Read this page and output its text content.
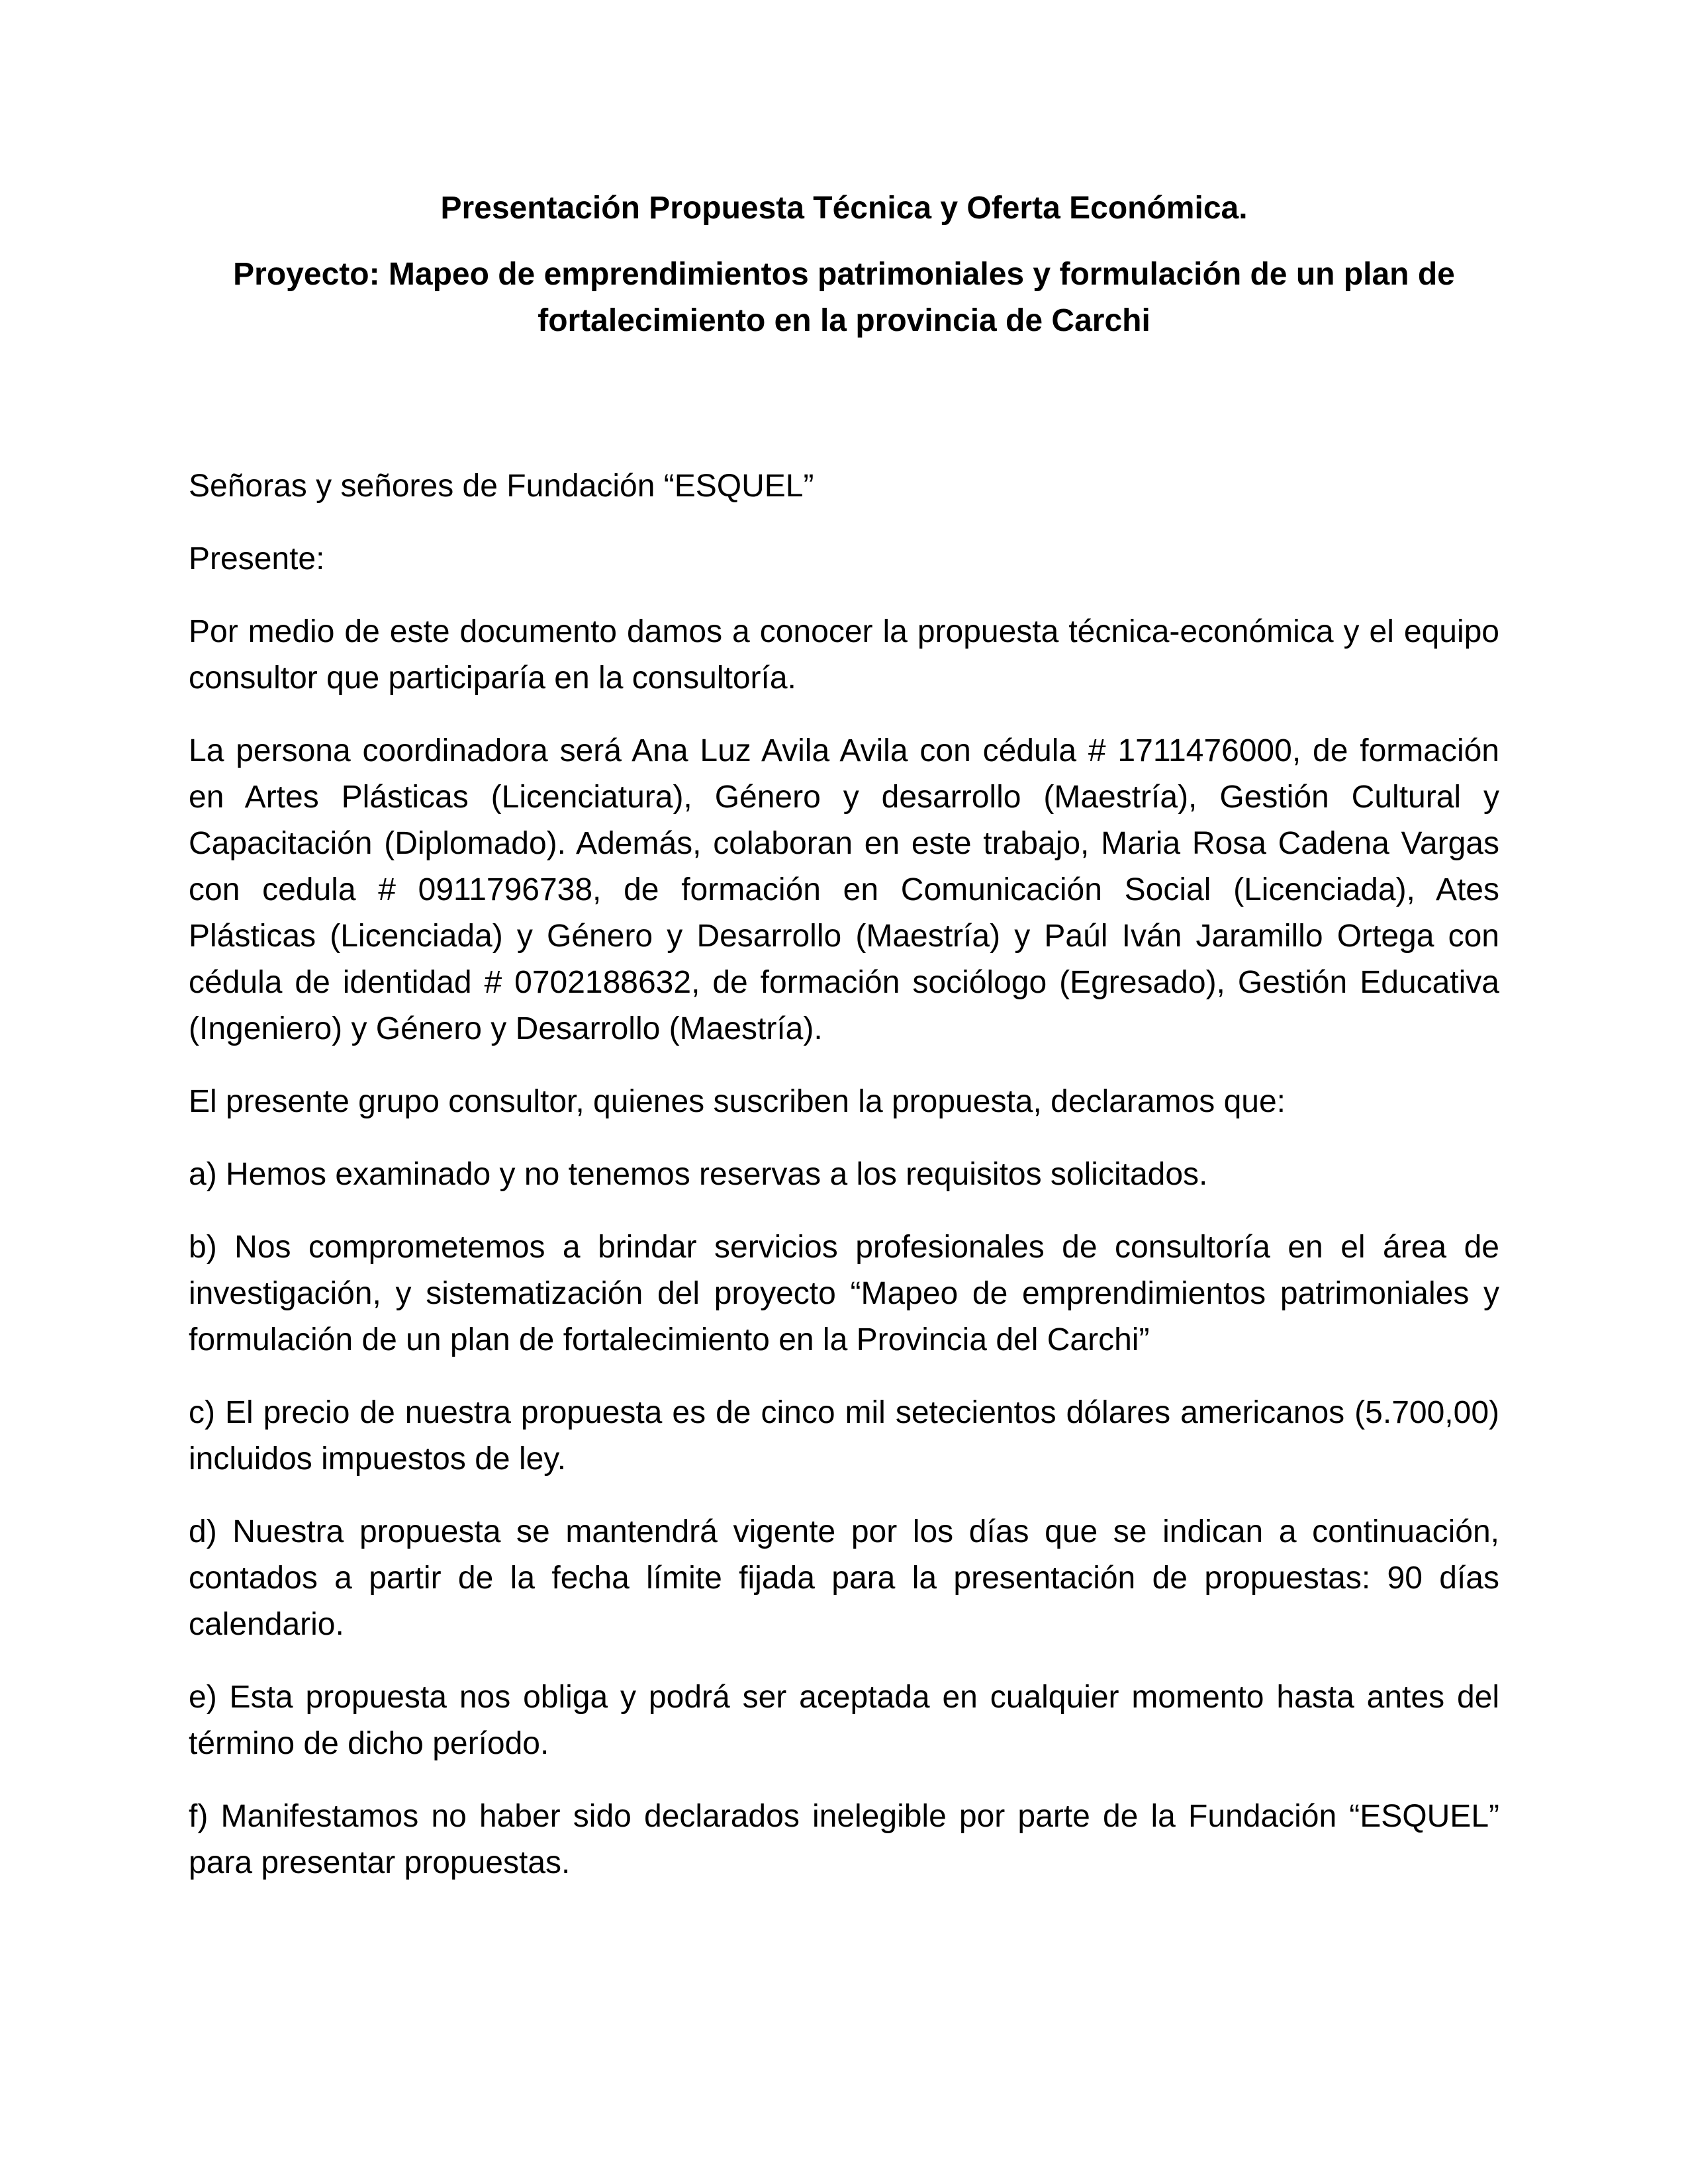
Presentación Propuesta Técnica y Oferta Económica.
Proyecto: Mapeo de emprendimientos patrimoniales y formulación de un plan de fortalecimiento en la provincia de Carchi

Señoras y señores de Fundación “ESQUEL”

Presente:

Por medio de este documento damos a conocer la propuesta técnica-económica y el equipo consultor que participaría en la consultoría.

La persona coordinadora será Ana Luz Avila Avila con cédula # 1711476000, de formación en Artes Plásticas (Licenciatura), Género y desarrollo (Maestría), Gestión Cultural y Capacitación (Diplomado). Además, colaboran en este trabajo, Maria Rosa Cadena Vargas con cedula # 0911796738, de formación en Comunicación Social (Licenciada), Ates Plásticas (Licenciada) y Género y Desarrollo (Maestría) y Paúl Iván Jaramillo Ortega con cédula de identidad # 0702188632, de formación sociólogo (Egresado), Gestión Educativa (Ingeniero) y Género y Desarrollo (Maestría).

El presente grupo consultor, quienes suscriben la propuesta, declaramos que:

a) Hemos examinado y no tenemos reservas a los requisitos solicitados.

b) Nos comprometemos a brindar servicios profesionales de consultoría en el área de investigación, y sistematización del proyecto “Mapeo de emprendimientos patrimoniales y formulación de un plan de fortalecimiento en la Provincia del Carchi”

c) El precio de nuestra propuesta es de cinco mil setecientos dólares americanos (5.700,00) incluidos impuestos de ley.

d) Nuestra propuesta se mantendrá vigente por los días que se indican a continuación, contados a partir de la fecha límite fijada para la presentación de propuestas: 90 días calendario.

e) Esta propuesta nos obliga y podrá ser aceptada en cualquier momento hasta antes del término de dicho período.

f) Manifestamos no haber sido declarados inelegible por parte de la Fundación “ESQUEL” para presentar propuestas.
